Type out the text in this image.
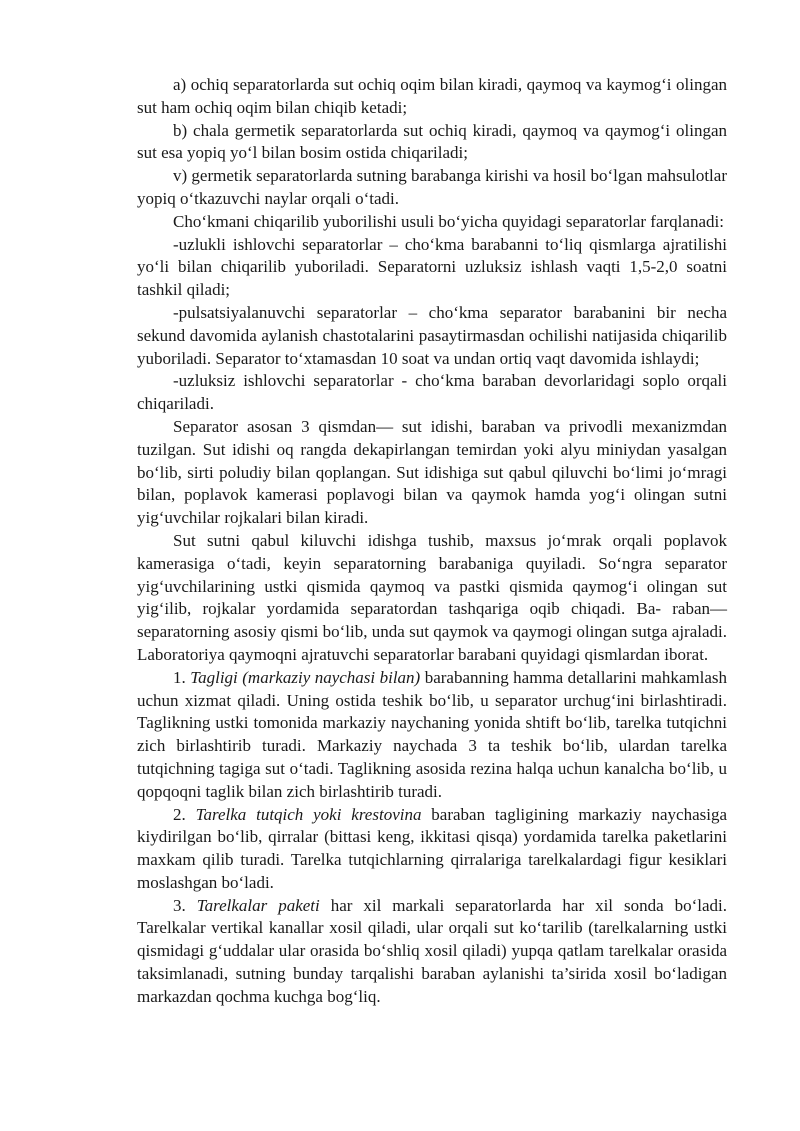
a) ochiq separatorlarda sut ochiq oqim bilan kiradi, qaymoq va kaymog‘i olingan sut ham ochiq oqim bilan chiqib ketadi;

b) chala germetik separatorlarda sut ochiq kiradi, qaymoq va qaymog‘i olingan sut esa yopiq yo‘l bilan bosim ostida chiqariladi;

v) germetik separatorlarda sutning barabanga kirishi va hosil bo‘lgan mahsulotlar yopiq o‘tkazuvchi naylar orqali o‘tadi.

Cho‘kmani chiqarilib yuborilishi usuli bo‘yicha quyidagi separatorlar farqlanadi:

-uzlukli ishlovchi separatorlar – cho‘kma barabanni to‘liq qismlarga ajratilishi yo‘li bilan chiqarilib yuboriladi. Separatorni uzluksiz ishlash vaqti 1,5-2,0 soatni tashkil qiladi;

-pulsatsiyalanuvchi separatorlar – cho‘kma separator barabanini bir necha sekund davomida aylanish chastotalarini pasaytirmasdan ochilishi natijasida chiqarilib yuboriladi. Separator to‘xtamasdan 10 soat va undan ortiq vaqt davomida ishlaydi;

-uzluksiz ishlovchi separatorlar - cho‘kma baraban devorlaridagi soplo orqali chiqariladi.

Separator asosan 3 qismdan— sut idishi, baraban va privodli mexanizmdan tuzilgan. Sut idishi oq rangda dekapirlangan temirdan yoki alyu miniydan yasalgan bo‘lib, sirti poludiy bilan qoplangan. Sut idishiga sut qabul qiluvchi bo‘limi jo‘mragi bilan, poplavok kamerasi poplavogi bilan va qaymok hamda yog‘i olingan sutni yig‘uvchilar rojkalari bilan kiradi.

Sut sutni qabul kiluvchi idishga tushib, maxsus jo‘mrak orqali poplavok kamerasiga o‘tadi, keyin separatorning barabaniga quyiladi. So‘ngra separator yig‘uvchilarining ustki qismida qaymoq va pastki qismida qaymog‘i olingan sut yig‘ilib, rojkalar yordamida separatordan tashqariga oqib chiqadi. Ba- raban—separatorning asosiy qismi bo‘lib, unda sut qaymok va qaymogi olingan sutga ajraladi. Laboratoriya qaymoqni ajratuvchi separatorlar barabani quyidagi qismlardan iborat.

1. Tagligi (markaziy naychasi bilan) barabanning hamma detallarini mahkamlash uchun xizmat qiladi. Uning ostida teshik bo‘lib, u separator urchug‘ini birlashtiradi. Taglikning ustki tomonida markaziy naychaning yonida shtift bo‘lib, tarelka tutqichni zich birlashtirib turadi. Markaziy naychada 3 ta teshik bo‘lib, ulardan tarelka tutqichning tagiga sut o‘tadi. Taglikning asosida rezina halqa uchun kanalcha bo‘lib, u qopqoqni taglik bilan zich birlashtirib turadi.

2. Tarelka tutqich yoki krestovina baraban tagligining markaziy naychasiga kiydirilgan bo‘lib, qirralar (bittasi keng, ikkitasi qisqa) yordamida tarelka paketlarini maxkam qilib turadi. Tarelka tutqichlarning qirralariga tarelkalardagi figur kesiklari moslashgan bo‘ladi.

3. Tarelkalar paketi har xil markali separatorlarda har xil sonda bo‘ladi. Tarelkalar vertikal kanallar xosil qiladi, ular orqali sut ko‘tarilib (tarelkalarning ustki qismidagi g‘uddalar ular orasida bo‘shliq xosil qiladi) yupqa qatlam tarelkalar orasida taksimlanadi, sutning bunday tarqalishi baraban aylanishi ta’sirida xosil bo‘ladigan markazdan qochma kuchga bog‘liq.
